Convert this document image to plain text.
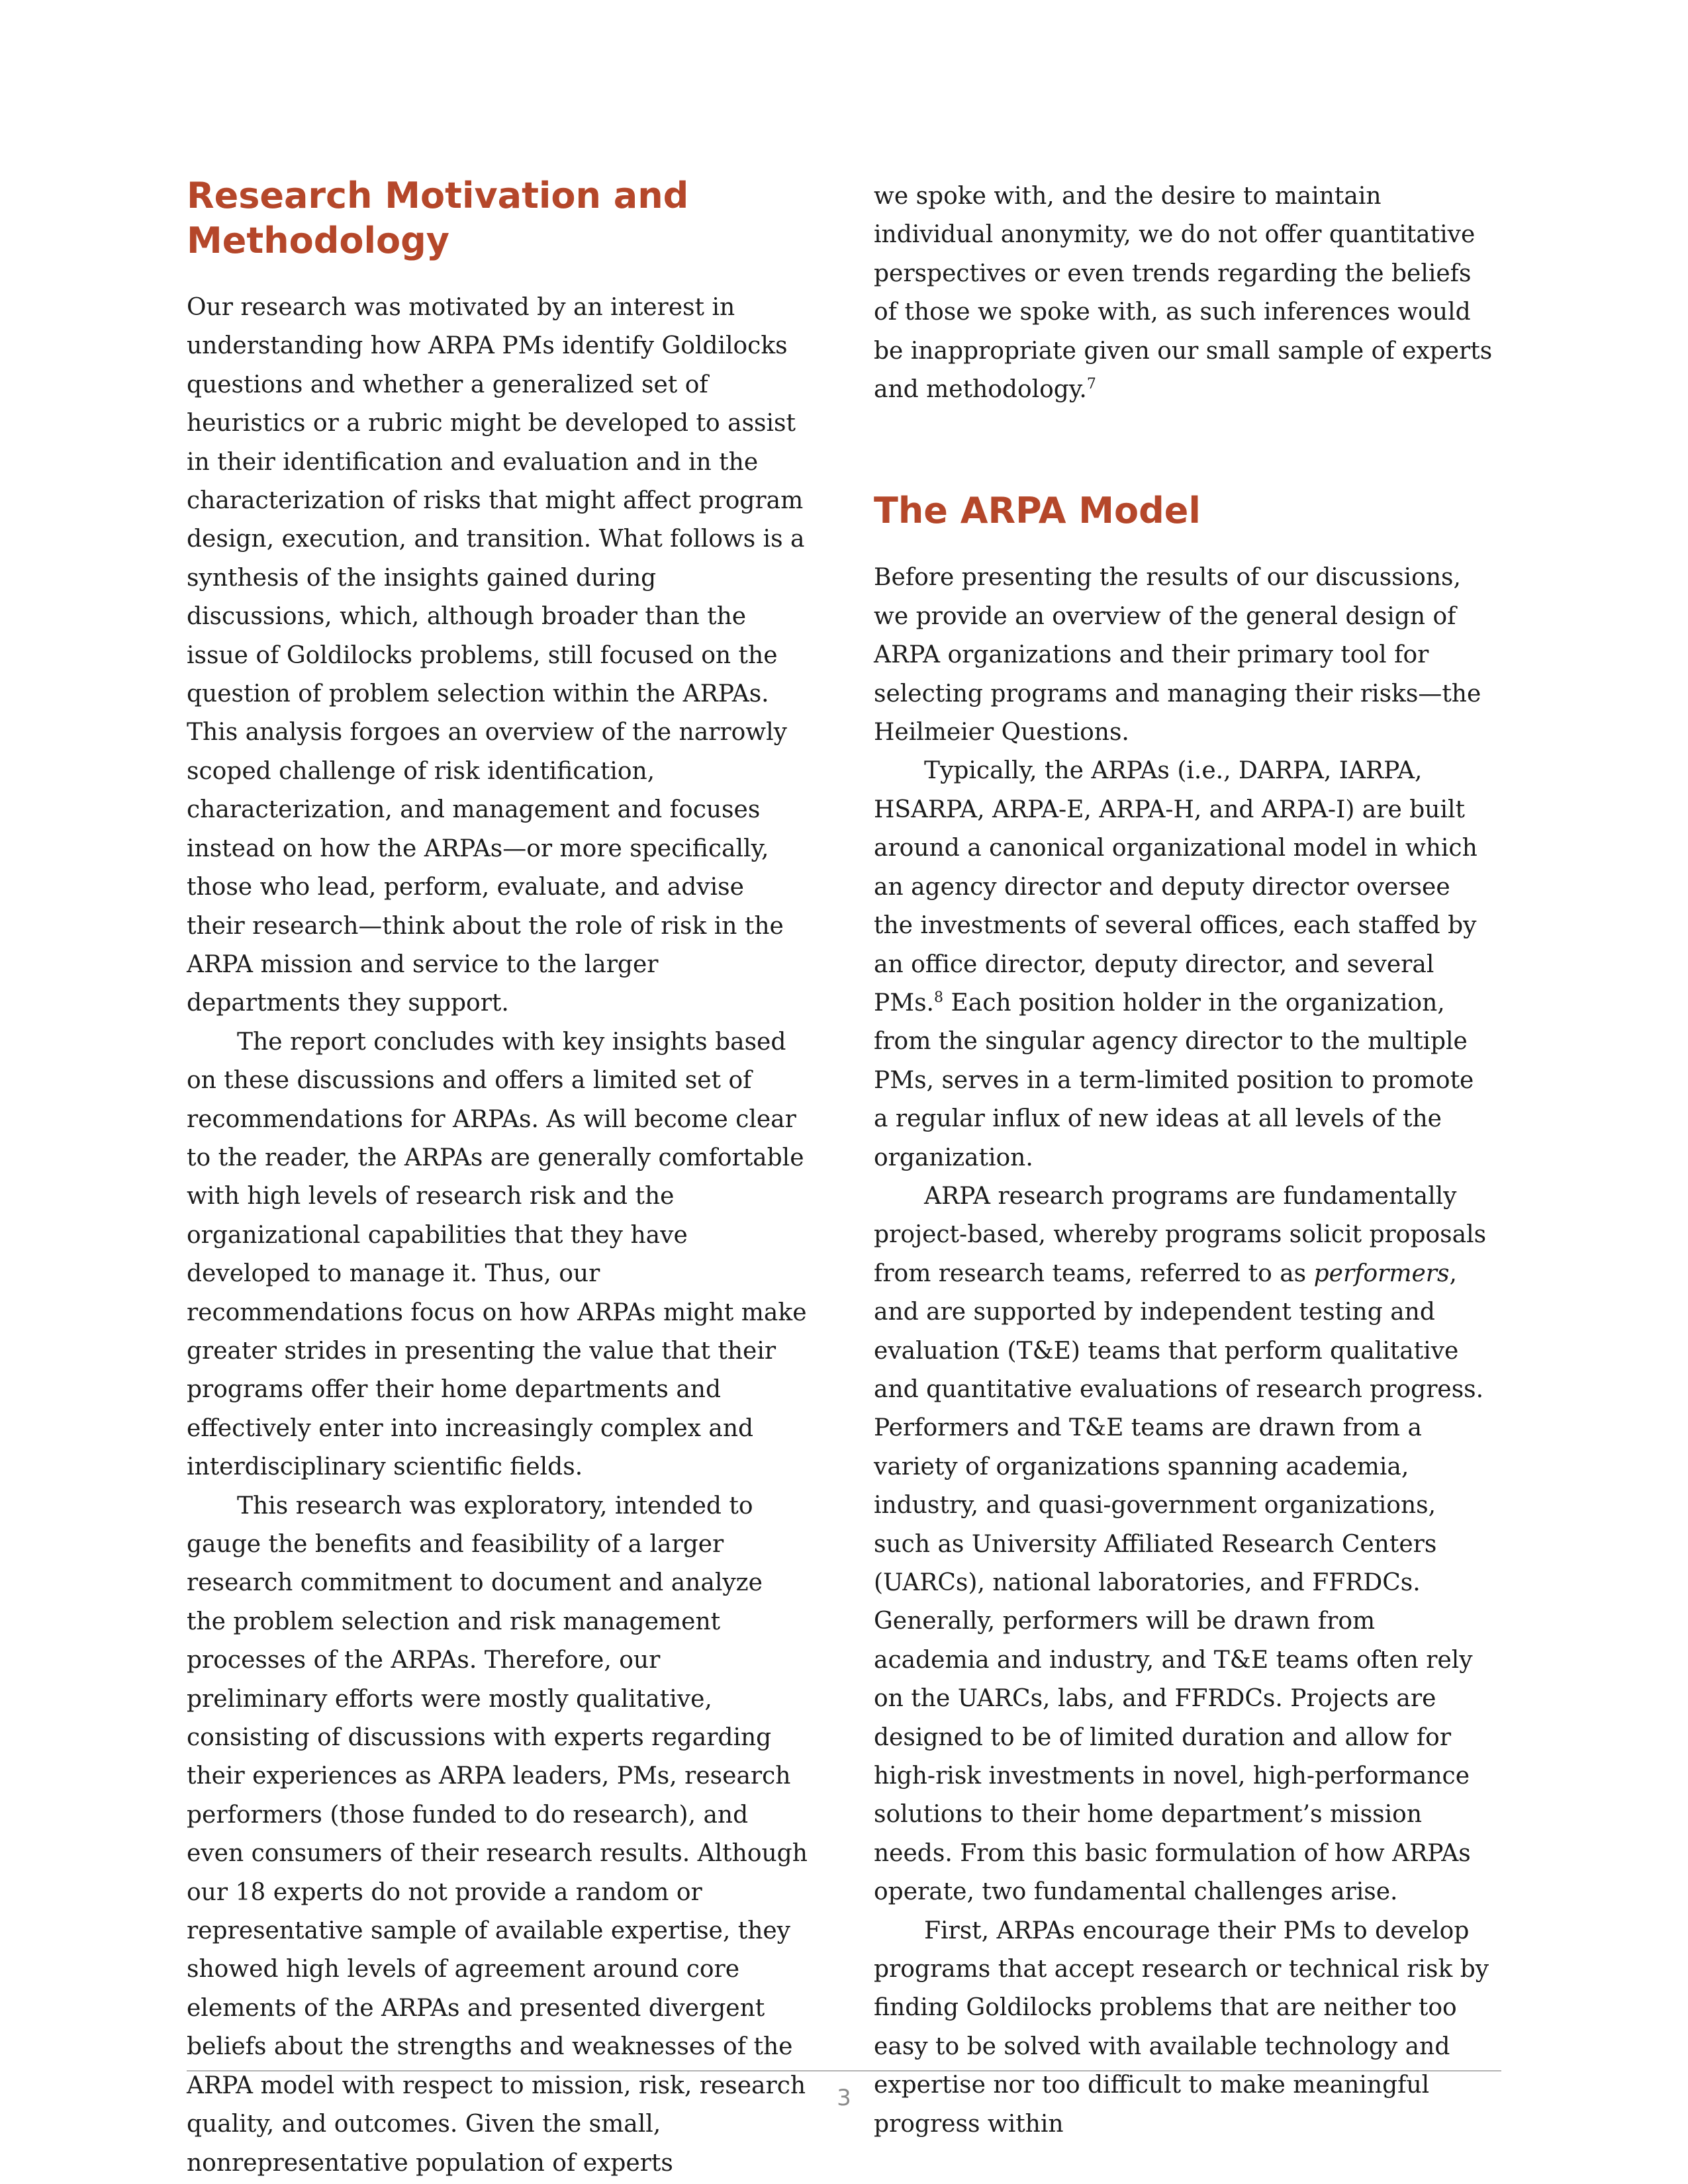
Research Motivation and Methodology

Our research was motivated by an interest in understanding how ARPA PMs identify Goldilocks questions and whether a generalized set of heuristics or a rubric might be developed to assist in their identification and evaluation and in the characterization of risks that might affect program design, execution, and transition. What follows is a synthesis of the insights gained during discussions, which, although broader than the issue of Goldilocks problems, still focused on the question of problem selection within the ARPAs. This analysis forgoes an overview of the narrowly scoped challenge of risk identification, characterization, and management and focuses instead on how the ARPAs—or more specifically, those who lead, perform, evaluate, and advise their research—think about the role of risk in the ARPA mission and service to the larger departments they support.

The report concludes with key insights based on these discussions and offers a limited set of recommendations for ARPAs. As will become clear to the reader, the ARPAs are generally comfortable with high levels of research risk and the organizational capabilities that they have developed to manage it. Thus, our recommendations focus on how ARPAs might make greater strides in presenting the value that their programs offer their home departments and effectively enter into increasingly complex and interdisciplinary scientific fields.

This research was exploratory, intended to gauge the benefits and feasibility of a larger research commitment to document and analyze the problem selection and risk management processes of the ARPAs. Therefore, our preliminary efforts were mostly qualitative, consisting of discussions with experts regarding their experiences as ARPA leaders, PMs, research performers (those funded to do research), and even consumers of their research results. Although our 18 experts do not provide a random or representative sample of available expertise, they showed high levels of agreement around core elements of the ARPAs and presented divergent beliefs about the strengths and weaknesses of the ARPA model with respect to mission, risk, research quality, and outcomes. Given the small, nonrepresentative population of experts

we spoke with, and the desire to maintain individual anonymity, we do not offer quantitative perspectives or even trends regarding the beliefs of those we spoke with, as such inferences would be inappropriate given our small sample of experts and methodology.$^7$

The ARPA Model

Before presenting the results of our discussions, we provide an overview of the general design of ARPA organizations and their primary tool for selecting programs and managing their risks—the Heilmeier Questions.

Typically, the ARPAs (i.e., DARPA, IARPA, HSARPA, ARPA-E, ARPA-H, and ARPA-I) are built around a canonical organizational model in which an agency director and deputy director oversee the investments of several offices, each staffed by an office director, deputy director, and several PMs.$^8$ Each position holder in the organization, from the singular agency director to the multiple PMs, serves in a term-limited position to promote a regular influx of new ideas at all levels of the organization.

ARPA research programs are fundamentally project-based, whereby programs solicit proposals from research teams, referred to as performers, and are supported by independent testing and evaluation (T&E) teams that perform qualitative and quantitative evaluations of research progress. Performers and T&E teams are drawn from a variety of organizations spanning academia, industry, and quasi-government organizations, such as University Affiliated Research Centers (UARCs), national laboratories, and FFRDCs. Generally, performers will be drawn from academia and industry, and T&E teams often rely on the UARCs, labs, and FFRDCs. Projects are designed to be of limited duration and allow for high-risk investments in novel, high-performance solutions to their home department’s mission needs. From this basic formulation of how ARPAs operate, two fundamental challenges arise.

First, ARPAs encourage their PMs to develop programs that accept research or technical risk by finding Goldilocks problems that are neither too easy to be solved with available technology and expertise nor too difficult to make meaningful progress within

3
